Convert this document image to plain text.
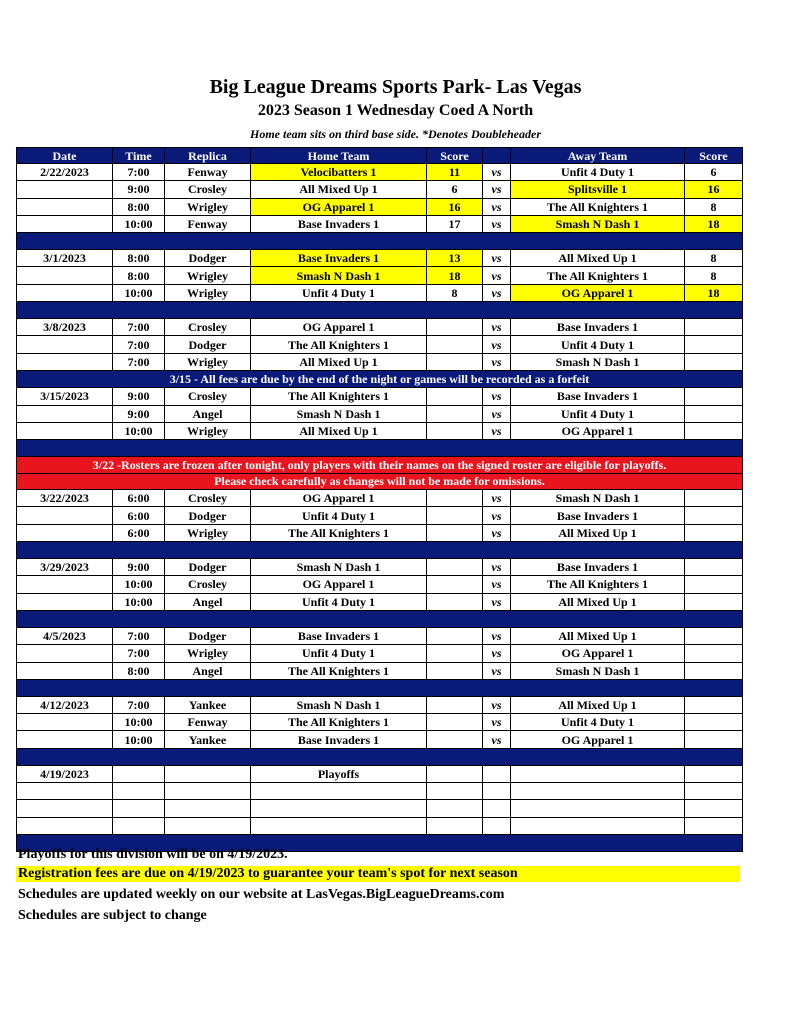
Big League Dreams Sports Park- Las Vegas
2023 Season 1 Wednesday Coed A North
Home team sits on third base side. *Denotes Doubleheader
Date	Time	Replica	Home Team	Score		Away Team	Score
2/22/2023	7:00	Fenway	Velocibatters 1	11	vs	Unfit 4 Duty 1	6
	9:00	Crosley	All Mixed Up 1	6	vs	Splitsville 1	16
	8:00	Wrigley	OG Apparel 1	16	vs	The All Knighters 1	8
	10:00	Fenway	Base Invaders 1	17	vs	Smash N Dash 1	18

3/1/2023	8:00	Dodger	Base Invaders 1	13	vs	All Mixed Up 1	8
	8:00	Wrigley	Smash N Dash 1	18	vs	The All Knighters 1	8
	10:00	Wrigley	Unfit 4 Duty 1	8	vs	OG Apparel 1	18

3/8/2023	7:00	Crosley	OG Apparel 1		vs	Base Invaders 1	
	7:00	Dodger	The All Knighters 1		vs	Unfit 4 Duty 1	
	7:00	Wrigley	All Mixed Up 1		vs	Smash N Dash 1	
3/15 - All fees are due by the end of the night or games will be recorded as a forfeit							
3/15/2023	9:00	Crosley	The All Knighters 1		vs	Base Invaders 1	
	9:00	Angel	Smash N Dash 1		vs	Unfit 4 Duty 1	
	10:00	Wrigley	All Mixed Up 1		vs	OG Apparel 1	

3/22 -Rosters are frozen after tonight, only players with their names on the signed roster are eligible for playoffs.							
Please check carefully as changes will not be made for omissions.							
3/22/2023	6:00	Crosley	OG Apparel 1		vs	Smash N Dash 1	
	6:00	Dodger	Unfit 4 Duty 1		vs	Base Invaders 1	
	6:00	Wrigley	The All Knighters 1		vs	All Mixed Up 1	

3/29/2023	9:00	Dodger	Smash N Dash 1		vs	Base Invaders 1	
	10:00	Crosley	OG Apparel 1		vs	The All Knighters 1	
	10:00	Angel	Unfit 4 Duty 1		vs	All Mixed Up 1	

4/5/2023	7:00	Dodger	Base Invaders 1		vs	All Mixed Up 1	
	7:00	Wrigley	Unfit 4 Duty 1		vs	OG Apparel 1	
	8:00	Angel	The All Knighters 1		vs	Smash N Dash 1	

4/12/2023	7:00	Yankee	Smash N Dash 1		vs	All Mixed Up 1	
	10:00	Fenway	The All Knighters 1		vs	Unfit 4 Duty 1	
	10:00	Yankee	Base Invaders 1		vs	OG Apparel 1	

4/19/2023			Playoffs				

Playoffs for this division will be on 4/19/2023.
Registration fees are due on 4/19/2023 to guarantee your team's spot for next season
Schedules are updated weekly on our website at LasVegas.BigLeagueDreams.com
Schedules are subject to change
